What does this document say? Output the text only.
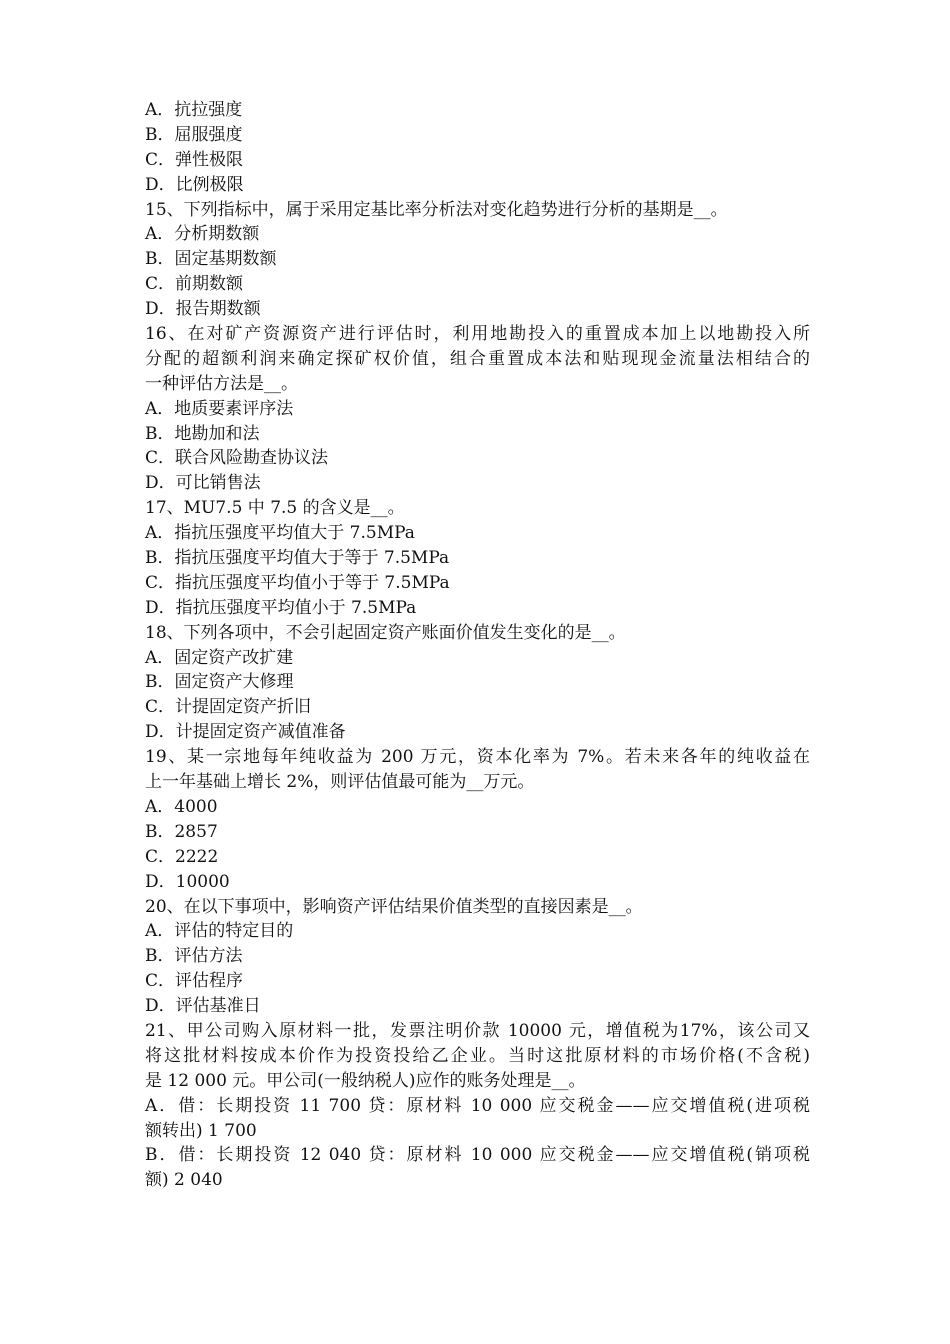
A．抗拉强度
B．屈服强度
C．弹性极限
D．比例极限
15、下列指标中，属于采用定基比率分析法对变化趋势进行分析的基期是__。
A．分析期数额
B．固定基期数额
C．前期数额
D．报告期数额
16、在对矿产资源资产进行评估时，利用地勘投入的重置成本加上以地勘投入所
分配的超额利润来确定探矿权价值，组合重置成本法和贴现现金流量法相结合的
一种评估方法是__。
A．地质要素评序法
B．地勘加和法
C．联合风险勘查协议法
D．可比销售法
17、MU7.5 中 7.5 的含义是__。
A．指抗压强度平均值大于 7.5MPa
B．指抗压强度平均值大于等于 7.5MPa
C．指抗压强度平均值小于等于 7.5MPa
D．指抗压强度平均值小于 7.5MPa
18、下列各项中，不会引起固定资产账面价值发生变化的是__。
A．固定资产改扩建
B．固定资产大修理
C．计提固定资产折旧
D．计提固定资产减值准备
19、某一宗地每年纯收益为 200 万元，资本化率为 7%。若未来各年的纯收益在
上一年基础上增长 2%，则评估值最可能为__万元。
A．4000
B．2857
C．2222
D．10000
20、在以下事项中，影响资产评估结果价值类型的直接因素是__。
A．评估的特定目的
B．评估方法
C．评估程序
D．评估基准日
21、甲公司购入原材料一批，发票注明价款 10000 元，增值税为17%，该公司又
将这批材料按成本价作为投资投给乙企业。当时这批原材料的市场价格(不含税)
是 12 000 元。甲公司(一般纳税人)应作的账务处理是__。
A．借：长期投资 11 700 贷：原材料 10 000 应交税金——应交增值税(进项税
额转出) 1 700
B．借：长期投资 12 040 贷：原材料 10 000 应交税金——应交增值税(销项税
额) 2 040
